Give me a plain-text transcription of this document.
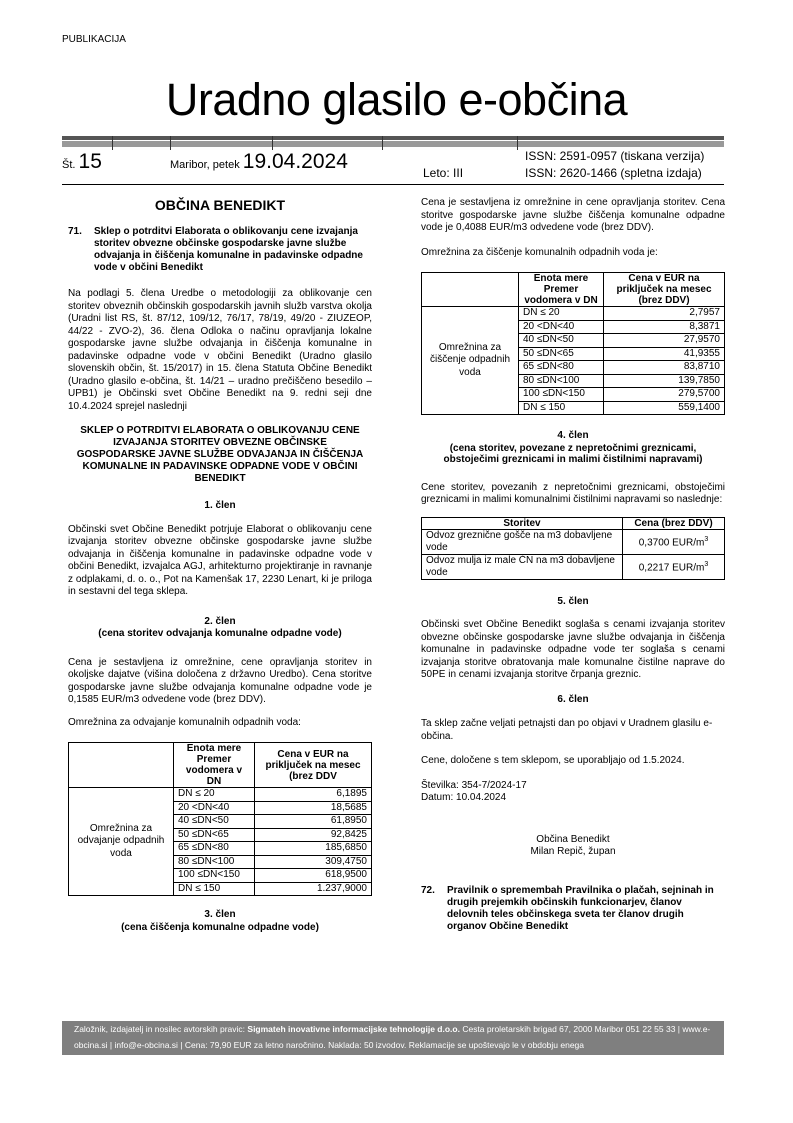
PUBLIKACIJA
Uradno glasilo e-občina
Št. 15	Maribor, petek 19.04.2024	Leto: III
ISSN: 2591-0957 (tiskana verzija)
ISSN: 2620-1466 (spletna izdaja)
OBČINA BENEDIKT
71.	Sklep o potrditvi Elaborata o oblikovanju cene izvajanja storitev obvezne občinske gospodarske javne službe odvajanja in čiščenja komunalne in padavinske odpadne vode v občini Benedikt

Na podlagi 5. člena Uredbe o metodologiji za oblikovanje cen storitev obveznih občinskih gospodarskih javnih služb varstva okolja (Uradni list RS, št. 87/12, 109/12, 76/17, 78/19, 49/20 - ZIUZEOP, 44/22 - ZVO-2), 36. člena Odloka o načinu opravljanja lokalne gospodarske javne službe odvajanja in čiščenja komunalne in padavinske odpadne vode v občini Benedikt (Uradno glasilo slovenskih občin, št. 15/2017) in 15. člena Statuta Občine Benedikt (Uradno glasilo e-občina, št. 14/21 – uradno prečiščeno besedilo – UPB1) je Občinski svet Občine Benedikt na 9. redni seji dne 10.4.2024 sprejel naslednji

SKLEP O POTRDITVI ELABORATA O OBLIKOVANJU CENE IZVAJANJA STORITEV OBVEZNE OBČINSKE GOSPODARSKE JAVNE SLUŽBE ODVAJANJA IN ČIŠČENJA KOMUNALNE IN PADAVINSKE ODPADNE VODE V OBČINI BENEDIKT

1. člen

Občinski svet Občine Benedikt potrjuje Elaborat o oblikovanju cene izvajanja storitev obvezne občinske gospodarske javne službe odvajanja in čiščenja komunalne in padavinske odpadne vode v občini Benedikt, izvajalca AGJ, arhitekturno projektiranje in ravnanje z odplakami, d. o. o., Pot na Kamenšak 17, 2230 Lenart, ki je priloga in sestavni del tega sklepa.

2. člen

(cena storitev odvajanja komunalne odpadne vode)

Cena je sestavljena iz omrežnine, cene opravljanja storitev in okoljske dajatve (višina določena z državno Uredbo). Cena storitve gospodarske javne službe odvajanja komunalne odpadne vode je 0,1585 EUR/m3 odvedene vode (brez DDV).

Omrežnina za odvajanje komunalnih odpadnih voda:

	Enota mere Premer vodomera v DN	Cena v EUR na priključek na mesec (brez DDV
Omrežnina za odvajanje odpadnih voda	DN ≤ 20	6,1895
	20 <DN<40	18,5685
	40 ≤DN<50	61,8950
	50 ≤DN<65	92,8425
	65 ≤DN<80	185,6850
	80 ≤DN<100	309,4750
	100 ≤DN<150	618,9500
	DN ≤ 150	1.237,9000

3. člen

(cena čiščenja komunalne odpadne vode)

Cena je sestavljena iz omrežnine in cene opravljanja storitev. Cena storitve gospodarske javne službe čiščenja komunalne odpadne vode je 0,4088 EUR/m3 odvedene vode (brez DDV).

Omrežnina za čiščenje komunalnih odpadnih voda je:

	Enota mere Premer vodomera v DN	Cena v EUR na priključek na mesec (brez DDV)
Omrežnina za čiščenje odpadnih voda	DN ≤ 20	2,7957
	20 <DN<40	8,3871
	40 ≤DN<50	27,9570
	50 ≤DN<65	41,9355
	65 ≤DN<80	83,8710
	80 ≤DN<100	139,7850
	100 ≤DN<150	279,5700
	DN ≤ 150	559,1400

4. člen

(cena storitev, povezane z nepretočnimi greznicami, obstoječimi greznicami in malimi čistilnimi napravami)

Cene storitev, povezanih z nepretočnimi greznicami, obstoječimi greznicami in malimi komunalnimi čistilnimi napravami so naslednje:

Storitev	Cena (brez DDV)
Odvoz greznične gošče na m3 dobavljene vode	0,3700 EUR/$m^3$
Odvoz mulja iz male ČN na m3 dobavljene vode	0,2217 EUR/$m^3$

5. člen

Občinski svet Občine Benedikt soglaša s cenami izvajanja storitev obvezne občinske gospodarske javne službe odvajanja in čiščenja komunalne in padavinske odpadne vode ter soglaša s cenami izvajanja storitve obratovanja male komunalne čistilne naprave do 50PE in cenami izvajanja storitve črpanja greznic.

6. člen

Ta sklep začne veljati petnajsti dan po objavi v Uradnem glasilu e-občina.

Cene, določene s tem sklepom, se uporabljajo od 1.5.2024.

Številka: 354-7/2024-17

Datum: 10.04.2024

Občina Benedikt

Milan Repič, župan

72.	Pravilnik o spremembah Pravilnika o plačah, sejninah in drugih prejemkih občinskih funkcionarjev, članov delovnih teles občinskega sveta ter članov drugih organov Občine Benedikt
Založnik, izdajatelj in nosilec avtorskih pravic: Sigmateh inovativne informacijske tehnologije d.o.o. Cesta proletarskih brigad 67, 2000 Maribor 051 22 55 33 | www.e-obcina.si | info@e-obcina.si | Cena: 79,90 EUR za letno naročnino. Naklada: 50 izvodov. Reklamacije se upoštevajo le v obdobju enega
